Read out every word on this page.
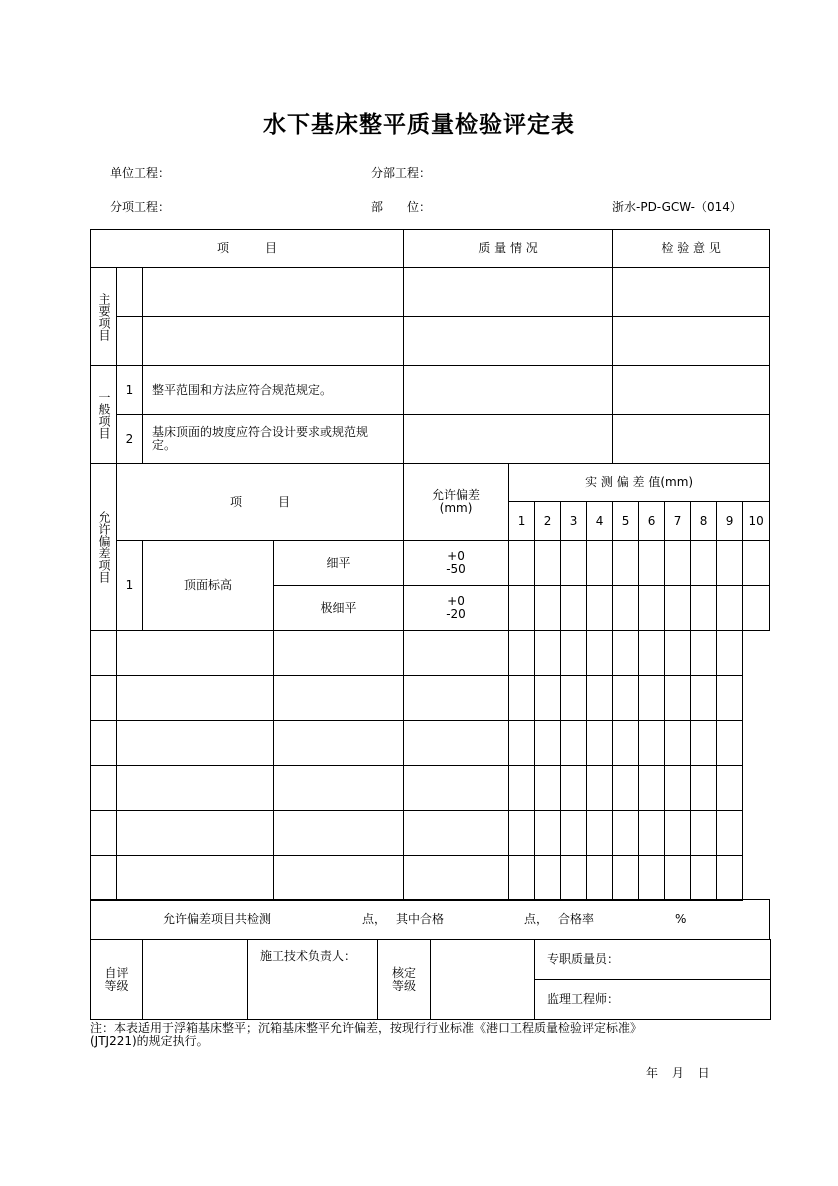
水下基床整平质量检验评定表
单位工程：	分部工程：
分项工程：	部　　位：	浙水-PD-GCW-（014）
项　　　目				质 量 情 况					检 验 意 见					

主要项目														

一般项目	1	整平范围和方法应符合规范规定。												
	2	基床顶面的坡度应符合设计要求或规范规定。												

允许偏差项目	项　　　目			允许偏差
(mm)	实 测 偏 差 值(mm)									
					1	2	3	4	5	6	7	8	9	10
	1	顶面标高	细平	+0
-50										
			极细平	+0
-20										

允许偏差项目共检测	点， 其中合格	点， 合格率	%
自评等级		施工技术负责人：	核定等级		专职质量员：
监理工程师：
注：本表适用于浮箱基床整平；沉箱基床整平允许偏差，按现行行业标准《港口工程质量检验评定标准》
(JTJ221)的规定执行。
年 月 日
